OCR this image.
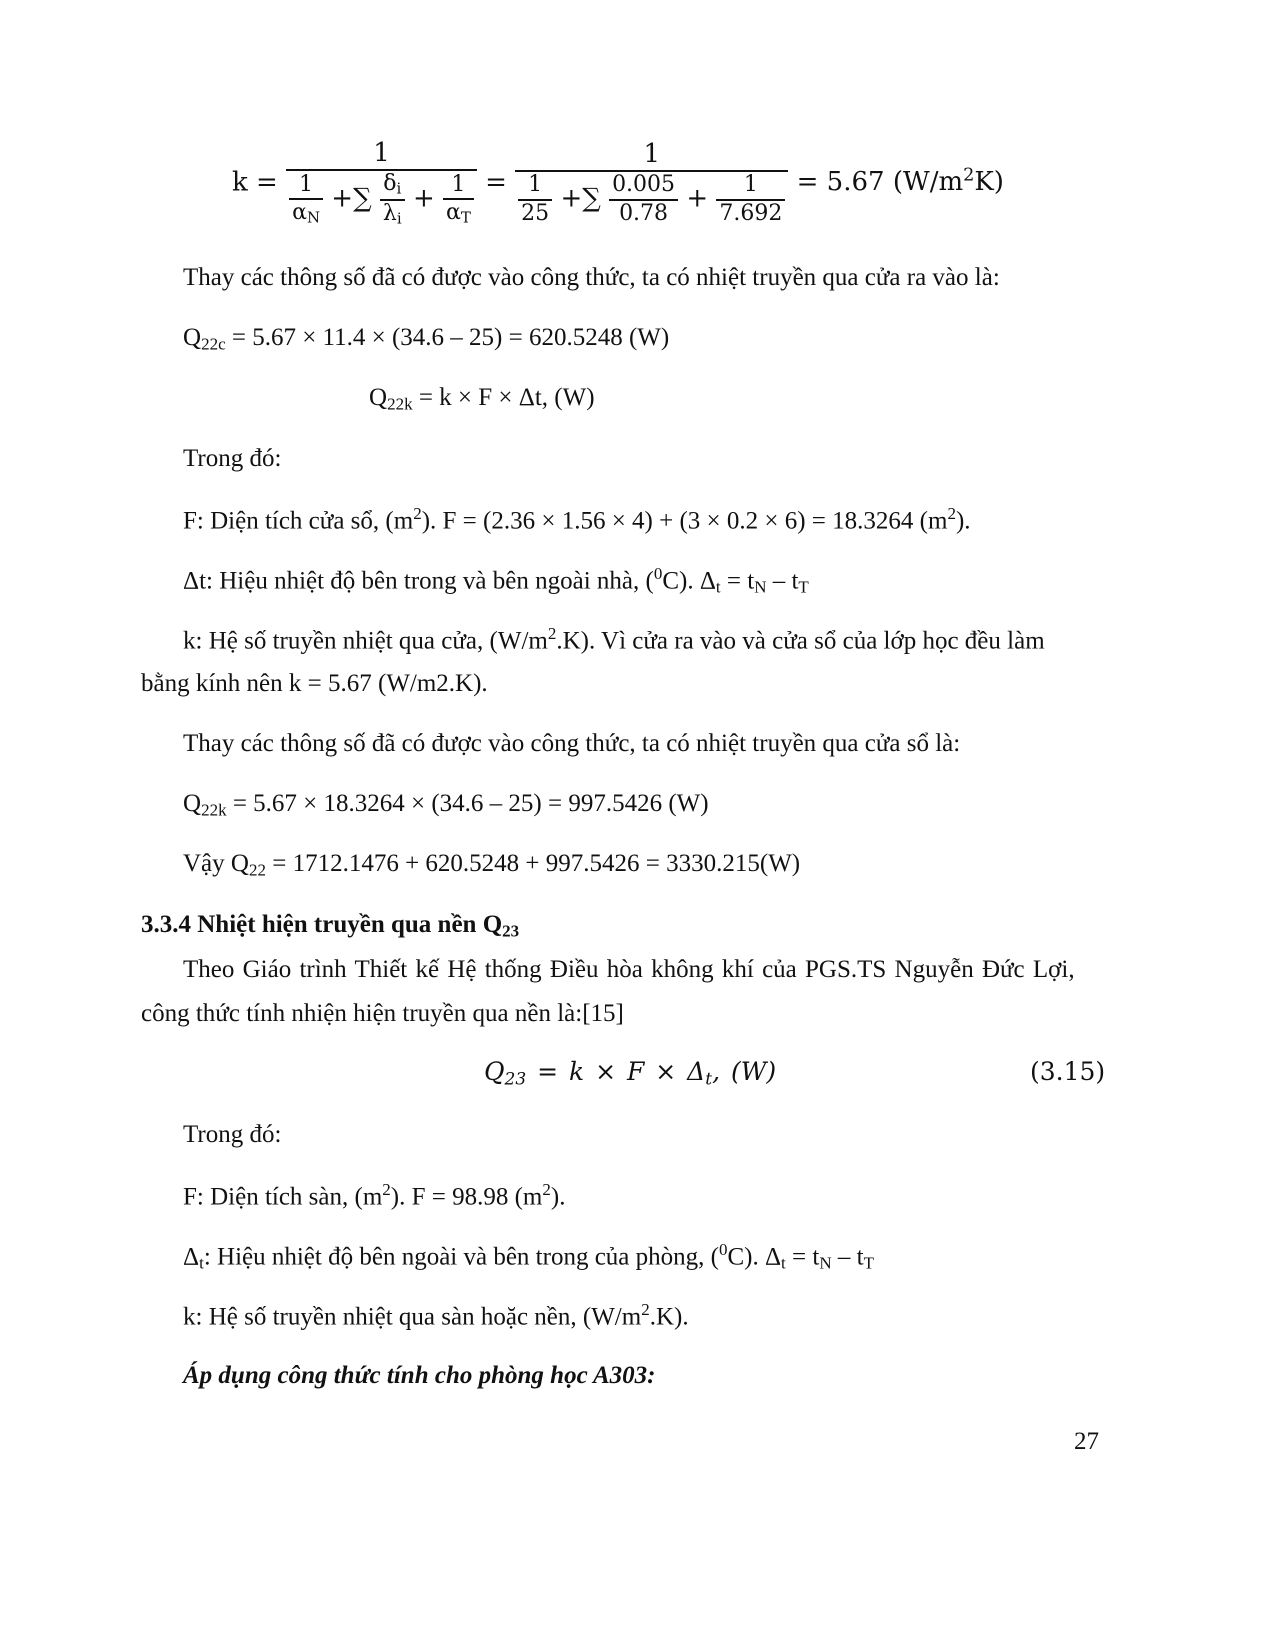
$k = \frac{1}{\frac{1}{\alpha_N} +\sum \frac{\delta_i}{\lambda_i} + \frac{1}{\alpha_T}} = \frac{1}{\frac{1}{25} +\sum \frac{0.005}{0.78} + \frac{1}{7.692}} = 5.67$ $(W/m^2K)$
Thay các thông số đã có được vào công thức, ta có nhiệt truyền qua cửa ra vào là:
$Q_{22c} = 5.67 \times 11.4 \times (34.6 - 25) = 620.5248$ (W)
$Q_{22k} = k \times F \times \Delta t$, (W)
Trong đó:
F: Diện tích cửa sổ, $(m^2)$. F = (2.36 × 1.56 × 4) + (3 × 0.2 × 6) = 18.3264 $(m^2)$.
Δt: Hiệu nhiệt độ bên trong và bên ngoài nhà, ($^0$C). $\Delta_t = t_N - t_T$
k: Hệ số truyền nhiệt qua cửa, $(W/m^2.K)$. Vì cửa ra vào và cửa sổ của lớp học đều làm
bằng kính nên k = 5.67 (W/m2.K).
Thay các thông số đã có được vào công thức, ta có nhiệt truyền qua cửa sổ là:
$Q_{22k} = 5.67 \times 18.3264 \times (34.6 - 25) = 997.5426$ (W)
Vậy $Q_{22} = 1712.1476 + 620.5248 + 997.5426 = 3330.215(W)$
3.3.4 Nhiệt hiện truyền qua nền $Q_{23}$
Theo Giáo trình Thiết kế Hệ thống Điều hòa không khí của PGS.TS Nguyễn Đức Lợi,
công thức tính nhiện hiện truyền qua nền là:[15]
$Q_{23} = k \times F \times \Delta_t$, (W)	(3.15)
Trong đó:
F: Diện tích sàn, $(m^2)$. F = 98.98 $(m^2)$.
$\Delta_t$: Hiệu nhiệt độ bên ngoài và bên trong của phòng, ($^0$C). $\Delta_t = t_N - t_T$
k: Hệ số truyền nhiệt qua sàn hoặc nền, $(W/m^2.K)$.
Áp dụng công thức tính cho phòng học A303:
27
